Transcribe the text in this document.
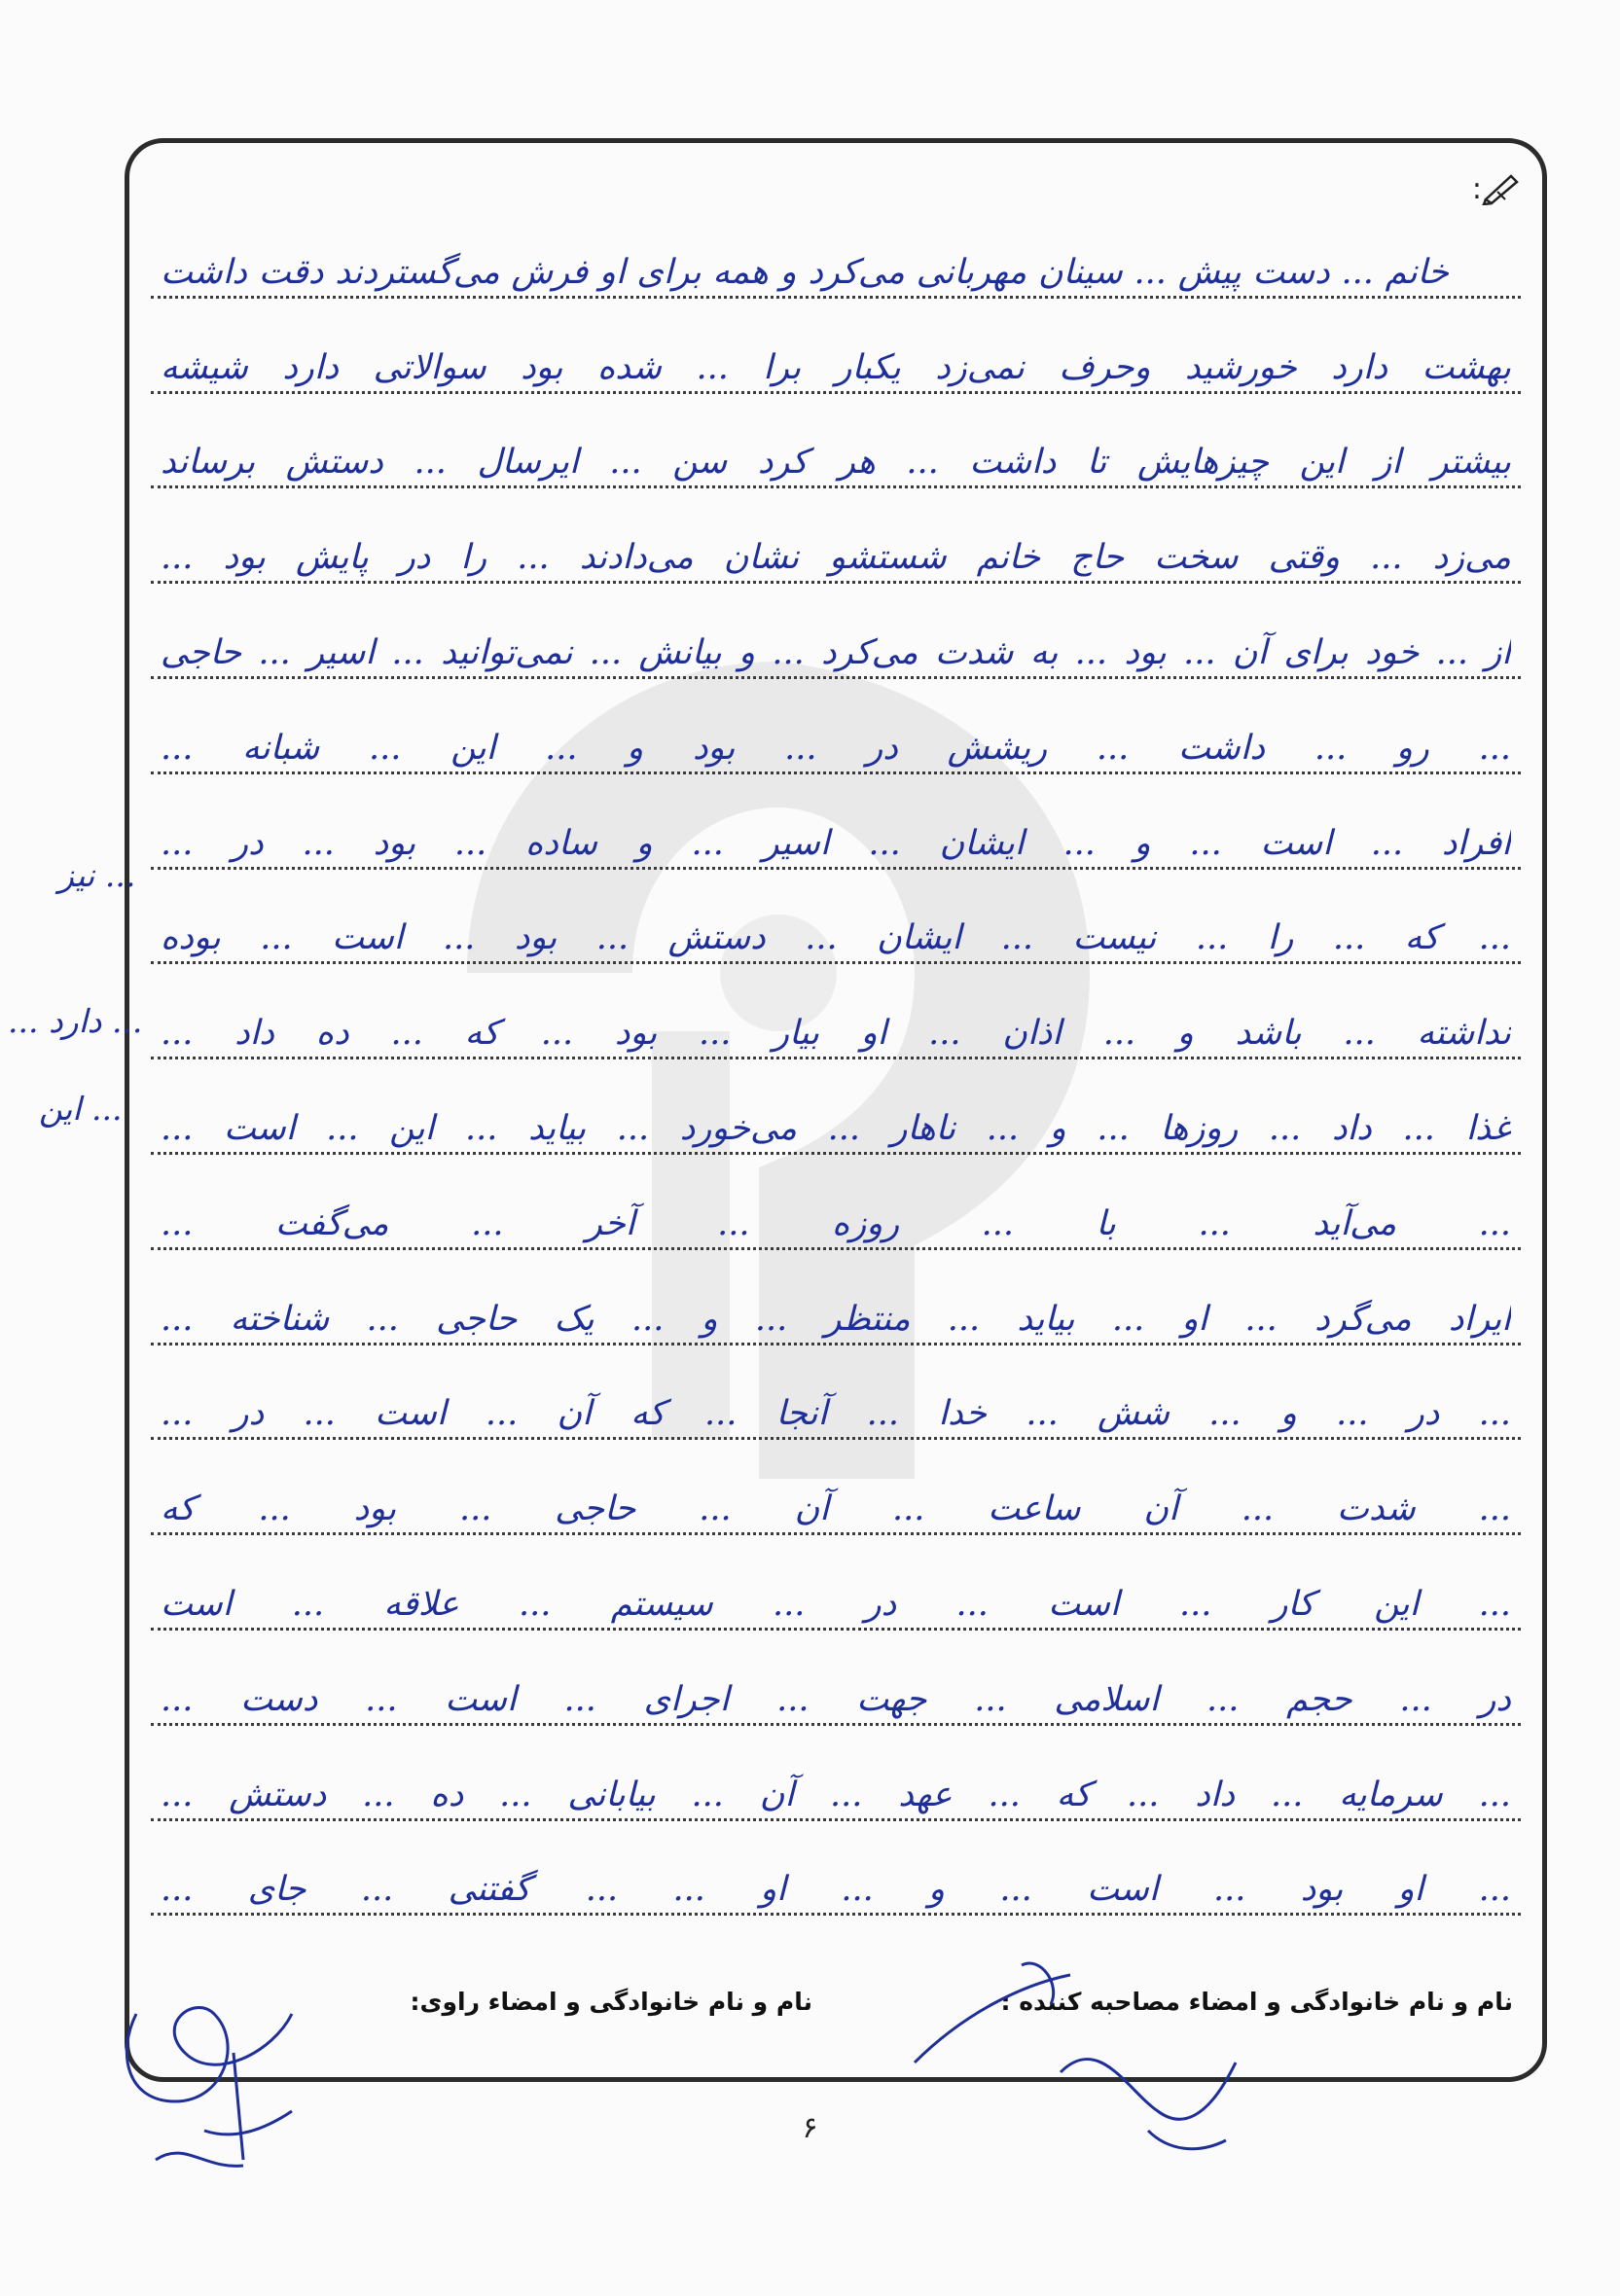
:
خانم ... دست پیش ... سینان مهربانی می‌کرد و همه برای او فرش می‌گستردند دقت داشت
بهشت دارد خورشید وحرف نمی‌زد یکبار برا ... شده بود سوالاتی دارد شیشه
بیشتر از این چیزهایش تا داشت ... هر کرد سن ... ایرسال ... دستش برساند
می‌زد ... وقتی سخت حاج خانم شستشو نشان می‌دادند ... را در پایش بود ...
از ... خود برای آن ... بود ... به شدت می‌کرد ... و بیانش ... نمی‌توانید ... اسیر ... حاجی
... رو ... داشت ... ریشش در ... بود و ... این ... شبانه ...
افراد ... است ... و ... ایشان ... اسیر ... و ساده ... بود ... در ...
... که ... را ... نیست ... ایشان ... دستش ... بود ... است ... بوده
نداشته ... باشد و ... اذان ... او بیار ... بود ... که ... ده داد ...
غذا ... داد ... روزها ... و ... ناهار ... می‌خورد ... بیاید ... این ... است ...
... می‌آید ... با ... روزه ... آخر ... می‌گفت ...
ایراد می‌گرد ... او ... بیاید ... منتظر ... و ... یک حاجی ... شناخته ...
... در ... و ... شش ... خدا ... آنجا ... که آن ... است ... در ...
... شدت ... آن ساعت ... آن ... حاجی ... بود ... که
... این کار ... است ... در ... سیستم ... علاقه ... است
در ... حجم ... اسلامی ... جهت ... اجرای ... است ... دست ...
... سرمایه ... داد ... که ... عهد ... آن ... بیابانی ... ده ... دستش ...
... او بود ... است ... و ... او ... ... گفتنی ... جای ...
نام و نام خانوادگی و امضاء مصاحبه کننده :
نام و نام خانوادگی و امضاء راوی:
... دارد ...
... این
... نیز
۶
